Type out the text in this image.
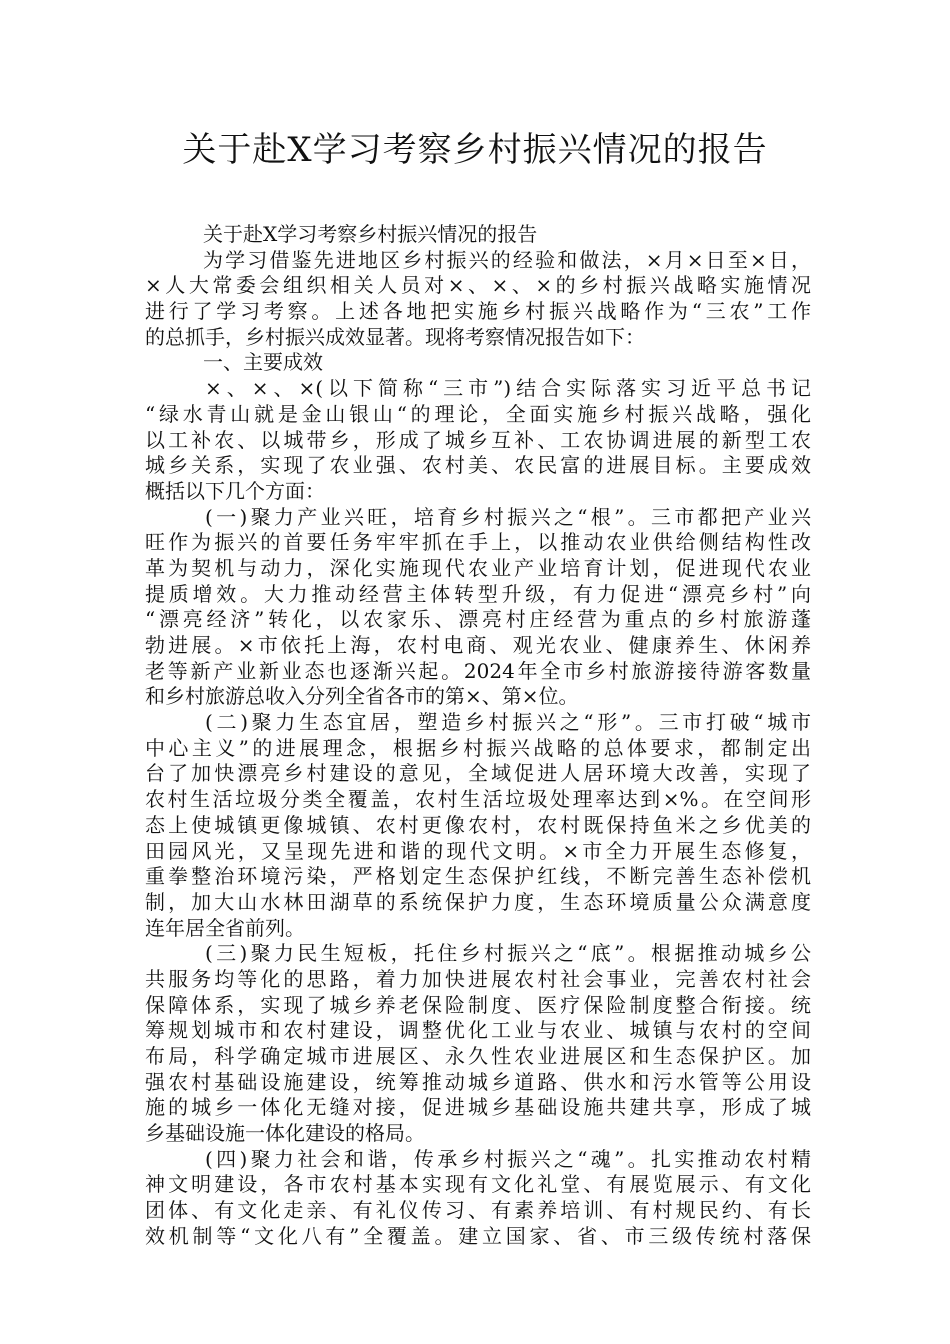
关于赴X学习考察乡村振兴情况的报告
关于赴X学习考察乡村振兴情况的报告
为学习借鉴先进地区乡村振兴的经验和做法，×月×日至×日，
×人大常委会组织相关人员对×、×、×的乡村振兴战略实施情况
进行了学习考察。上述各地把实施乡村振兴战略作为“三农”工作
的总抓手，乡村振兴成效显著。现将考察情况报告如下：
一、主要成效
×、×、×(以下简称“三市”)结合实际落实习近平总书记
“绿水青山就是金山银山“的理论，全面实施乡村振兴战略，强化
以工补农、以城带乡，形成了城乡互补、工农协调进展的新型工农
城乡关系，实现了农业强、农村美、农民富的进展目标。主要成效
概括以下几个方面：
(一)聚力产业兴旺，培育乡村振兴之“根”。三市都把产业兴
旺作为振兴的首要任务牢牢抓在手上，以推动农业供给侧结构性改
革为契机与动力，深化实施现代农业产业培育计划，促进现代农业
提质增效。大力推动经营主体转型升级，有力促进“漂亮乡村”向
“漂亮经济”转化，以农家乐、漂亮村庄经营为重点的乡村旅游蓬
勃进展。×市依托上海，农村电商、观光农业、健康养生、休闲养
老等新产业新业态也逐渐兴起。2024年全市乡村旅游接待游客数量
和乡村旅游总收入分列全省各市的第×、第×位。
(二)聚力生态宜居，塑造乡村振兴之“形”。三市打破“城市
中心主义”的进展理念，根据乡村振兴战略的总体要求，都制定出
台了加快漂亮乡村建设的意见，全域促进人居环境大改善，实现了
农村生活垃圾分类全覆盖，农村生活垃圾处理率达到×%。在空间形
态上使城镇更像城镇、农村更像农村，农村既保持鱼米之乡优美的
田园风光，又呈现先进和谐的现代文明。×市全力开展生态修复，
重拳整治环境污染，严格划定生态保护红线，不断完善生态补偿机
制，加大山水林田湖草的系统保护力度，生态环境质量公众满意度
连年居全省前列。
(三)聚力民生短板，托住乡村振兴之“底”。根据推动城乡公
共服务均等化的思路，着力加快进展农村社会事业，完善农村社会
保障体系，实现了城乡养老保险制度、医疗保险制度整合衔接。统
筹规划城市和农村建设，调整优化工业与农业、城镇与农村的空间
布局，科学确定城市进展区、永久性农业进展区和生态保护区。加
强农村基础设施建设，统筹推动城乡道路、供水和污水管等公用设
施的城乡一体化无缝对接，促进城乡基础设施共建共享，形成了城
乡基础设施一体化建设的格局。
(四)聚力社会和谐，传承乡村振兴之“魂”。扎实推动农村精
神文明建设，各市农村基本实现有文化礼堂、有展览展示、有文化
团体、有文化走亲、有礼仪传习、有素养培训、有村规民约、有长
效机制等“文化八有”全覆盖。建立国家、省、市三级传统村落保
